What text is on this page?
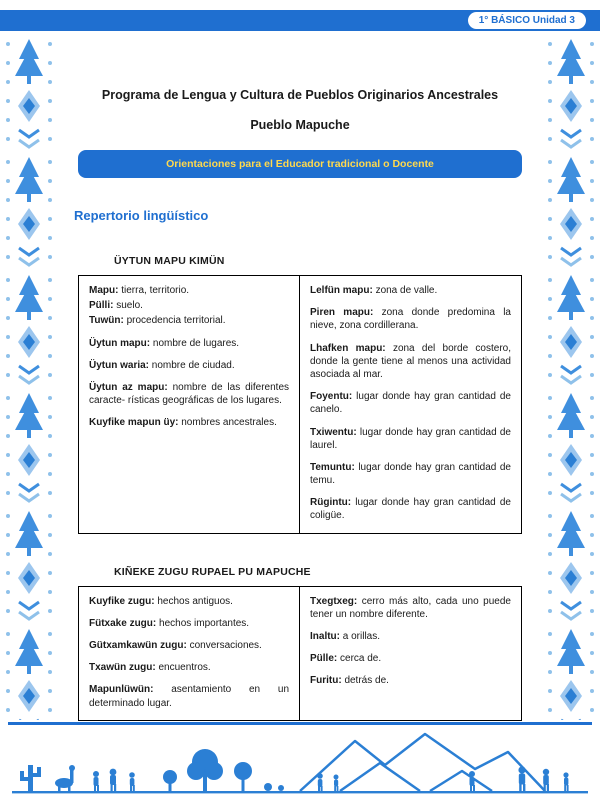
1° BÁSICO Unidad 3
Programa de Lengua y Cultura de Pueblos Originarios Ancestrales
Pueblo Mapuche
Orientaciones para el Educador tradicional o Docente
Repertorio lingüístico
ÜYTUN MAPU KIMÜN

Mapu: tierra, territorio.

Pülli: suelo.

Tuwün: procedencia territorial.

Üytun mapu: nombre de lugares.

Üytun waria: nombre de ciudad.

Üytun az mapu: nombre de las diferentes caracte- rísticas geográficas de los lugares.

Kuyfike mapun üy: nombres ancestrales.

Lelfün mapu: zona de valle.

Piren mapu: zona donde predomina la nieve, zona cordillerana.

Lhafken mapu: zona del borde costero, donde la gente tiene al menos una actividad asociada al mar.

Foyentu: lugar donde hay gran cantidad de canelo.

Txiwentu: lugar donde hay gran cantidad de laurel.

Temuntu: lugar donde hay gran cantidad de temu.

Rügintu: lugar donde hay gran cantidad de coligüe.

KIÑEKE ZUGU RUPAEL PU MAPUCHE

Kuyfike zugu: hechos antiguos.

Fütxake zugu: hechos importantes.

Gütxamkawün zugu: conversaciones.

Txawün zugu: encuentros.

Mapunlüwün: asentamiento en un determinado lugar.

Txegtxeg: cerro más alto, cada uno puede tener un nombre diferente.

Inaltu: a orillas.

Pülle: cerca de.

Furitu: detrás de.
